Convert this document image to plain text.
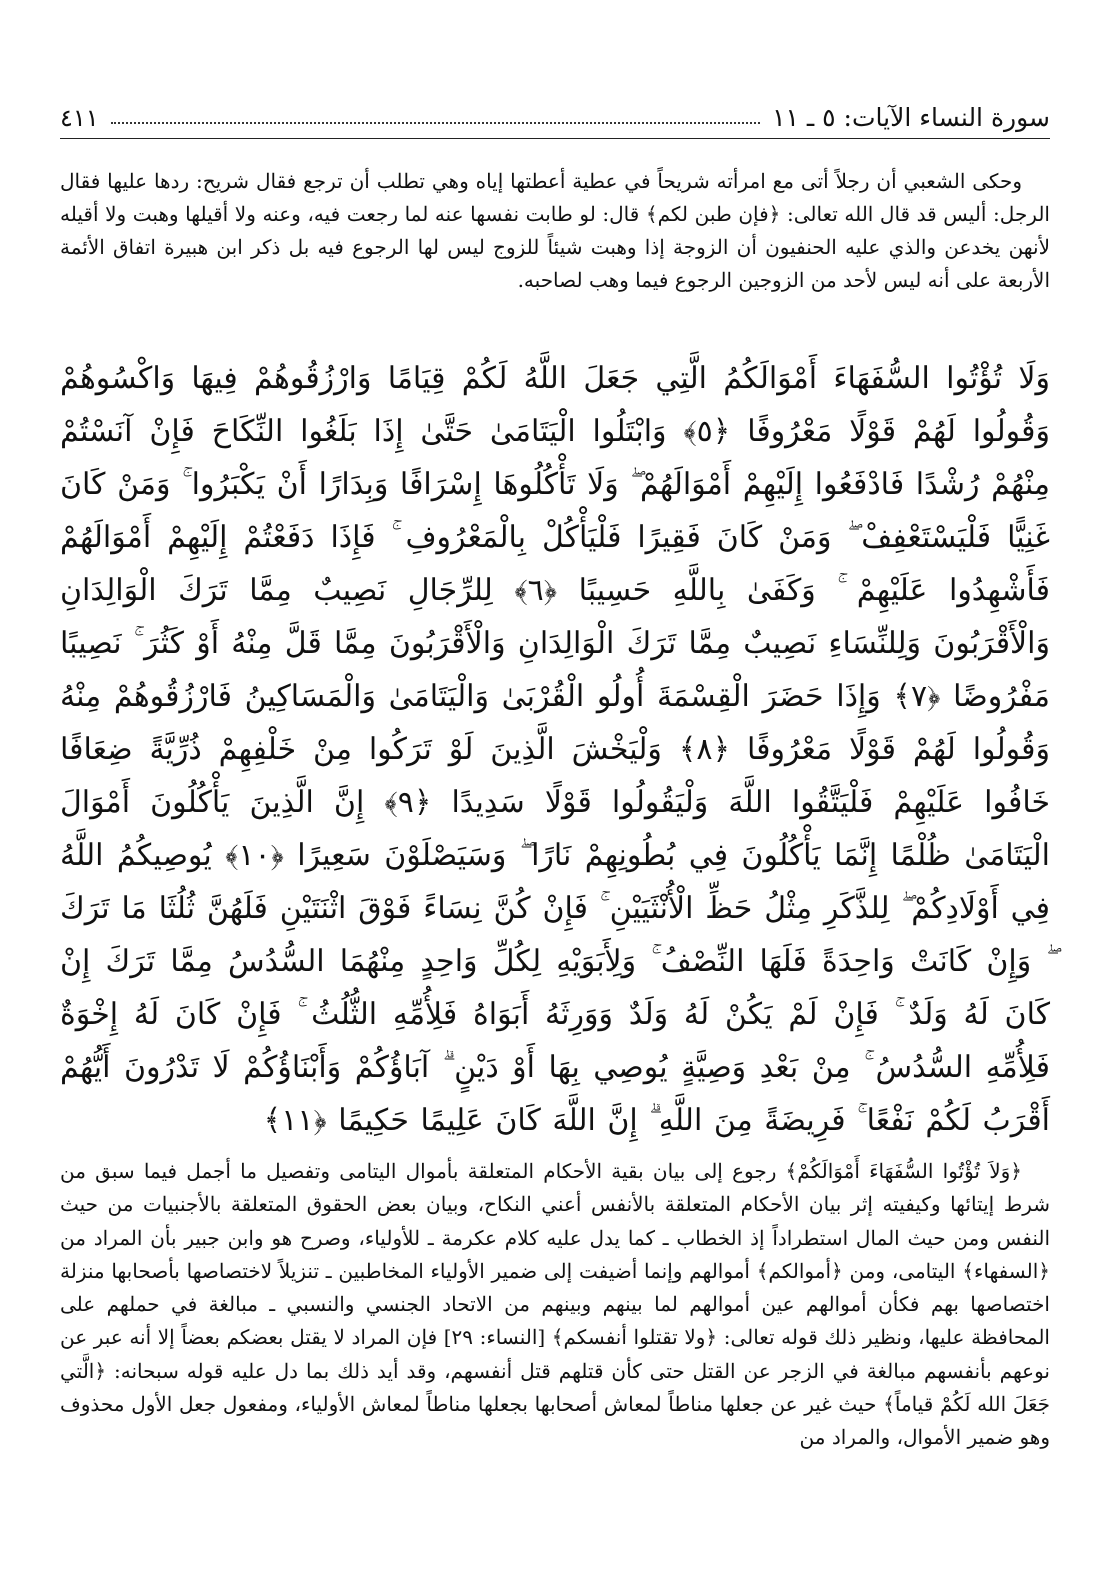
سورة النساء الآيات: ٥ ـ ١١
٤١١

وحكى الشعبي أن رجلاً أتى مع امرأته شريحاً في عطية أعطتها إياه وهي تطلب أن ترجع فقال شريح: ردها عليها فقال الرجل: أليس قد قال الله تعالى: ﴿فإن طبن لكم﴾ قال: لو طابت نفسها عنه لما رجعت فيه، وعنه ولا أقيلها وهبت ولا أقيله لأنهن يخدعن والذي عليه الحنفيون أن الزوجة إذا وهبت شيئاً للزوج ليس لها الرجوع فيه بل ذكر ابن هبيرة اتفاق الأئمة الأربعة على أنه ليس لأحد من الزوجين الرجوع فيما وهب لصاحبه.

وَلَا تُؤْتُوا السُّفَهَاءَ أَمْوَالَكُمُ الَّتِي جَعَلَ اللَّهُ لَكُمْ قِيَامًا وَارْزُقُوهُمْ فِيهَا وَاكْسُوهُمْ وَقُولُوا لَهُمْ قَوْلًا مَعْرُوفًا ﴿٥﴾ وَابْتَلُوا الْيَتَامَىٰ حَتَّىٰ إِذَا بَلَغُوا النِّكَاحَ فَإِنْ آنَسْتُمْ مِنْهُمْ رُشْدًا فَادْفَعُوا إِلَيْهِمْ أَمْوَالَهُمْ ۖ وَلَا تَأْكُلُوهَا إِسْرَافًا وَبِدَارًا أَنْ يَكْبَرُوا ۚ وَمَنْ كَانَ غَنِيًّا فَلْيَسْتَعْفِفْ ۖ وَمَنْ كَانَ فَقِيرًا فَلْيَأْكُلْ بِالْمَعْرُوفِ ۚ فَإِذَا دَفَعْتُمْ إِلَيْهِمْ أَمْوَالَهُمْ فَأَشْهِدُوا عَلَيْهِمْ ۚ وَكَفَىٰ بِاللَّهِ حَسِيبًا ﴿٦﴾ لِلرِّجَالِ نَصِيبٌ مِمَّا تَرَكَ الْوَالِدَانِ وَالْأَقْرَبُونَ وَلِلنِّسَاءِ نَصِيبٌ مِمَّا تَرَكَ الْوَالِدَانِ وَالْأَقْرَبُونَ مِمَّا قَلَّ مِنْهُ أَوْ كَثُرَ ۚ نَصِيبًا مَفْرُوضًا ﴿٧﴾ وَإِذَا حَضَرَ الْقِسْمَةَ أُولُو الْقُرْبَىٰ وَالْيَتَامَىٰ وَالْمَسَاكِينُ فَارْزُقُوهُمْ مِنْهُ وَقُولُوا لَهُمْ قَوْلًا مَعْرُوفًا ﴿٨﴾ وَلْيَخْشَ الَّذِينَ لَوْ تَرَكُوا مِنْ خَلْفِهِمْ ذُرِّيَّةً ضِعَافًا خَافُوا عَلَيْهِمْ فَلْيَتَّقُوا اللَّهَ وَلْيَقُولُوا قَوْلًا سَدِيدًا ﴿٩﴾ إِنَّ الَّذِينَ يَأْكُلُونَ أَمْوَالَ الْيَتَامَىٰ ظُلْمًا إِنَّمَا يَأْكُلُونَ فِي بُطُونِهِمْ نَارًا ۖ وَسَيَصْلَوْنَ سَعِيرًا ﴿١٠﴾ يُوصِيكُمُ اللَّهُ فِي أَوْلَادِكُمْ ۖ لِلذَّكَرِ مِثْلُ حَظِّ الْأُنْثَيَيْنِ ۚ فَإِنْ كُنَّ نِسَاءً فَوْقَ اثْنَتَيْنِ فَلَهُنَّ ثُلُثَا مَا تَرَكَ ۖ وَإِنْ كَانَتْ وَاحِدَةً فَلَهَا النِّصْفُ ۚ وَلِأَبَوَيْهِ لِكُلِّ وَاحِدٍ مِنْهُمَا السُّدُسُ مِمَّا تَرَكَ إِنْ كَانَ لَهُ وَلَدٌ ۚ فَإِنْ لَمْ يَكُنْ لَهُ وَلَدٌ وَوَرِثَهُ أَبَوَاهُ فَلِأُمِّهِ الثُّلُثُ ۚ فَإِنْ كَانَ لَهُ إِخْوَةٌ فَلِأُمِّهِ السُّدُسُ ۚ مِنْ بَعْدِ وَصِيَّةٍ يُوصِي بِهَا أَوْ دَيْنٍ ۗ آبَاؤُكُمْ وَأَبْنَاؤُكُمْ لَا تَدْرُونَ أَيُّهُمْ
أَقْرَبُ لَكُمْ نَفْعًا ۚ فَرِيضَةً مِنَ اللَّهِ ۗ إِنَّ اللَّهَ كَانَ عَلِيمًا حَكِيمًا ﴿١١﴾

﴿وَلاَ تُؤْتُوا السُّفَهَاءَ أَمْوَالَكُمْ﴾ رجوع إلى بيان بقية الأحكام المتعلقة بأموال اليتامى وتفصيل ما أجمل فيما سبق من شرط إيتائها وكيفيته إثر بيان الأحكام المتعلقة بالأنفس أعني النكاح، وبيان بعض الحقوق المتعلقة بالأجنبيات من حيث النفس ومن حيث المال استطراداً إذ الخطاب ـ كما يدل عليه كلام عكرمة ـ للأولياء، وصرح هو وابن جبير بأن المراد من ﴿السفهاء﴾ اليتامى، ومن ﴿أموالكم﴾ أموالهم وإنما أضيفت إلى ضمير الأولياء المخاطبين ـ تنزيلاً لاختصاصها بأصحابها منزلة اختصاصها بهم فكأن أموالهم عين أموالهم لما بينهم وبينهم من الاتحاد الجنسي والنسبي ـ مبالغة في حملهم على المحافظة عليها، ونظير ذلك قوله تعالى: ﴿ولا تقتلوا أنفسكم﴾ [النساء: ٢٩] فإن المراد لا يقتل بعضكم بعضاً إلا أنه عبر عن نوعهم بأنفسهم مبالغة في الزجر عن القتل حتى كأن قتلهم قتل أنفسهم، وقد أيد ذلك بما دل عليه قوله سبحانه: ﴿الَّتي جَعَلَ الله لَكُمْ قياماً﴾ حيث غير عن جعلها مناطاً لمعاش أصحابها بجعلها مناطاً لمعاش الأولياء، ومفعول جعل الأول محذوف وهو ضمير الأموال، والمراد من
